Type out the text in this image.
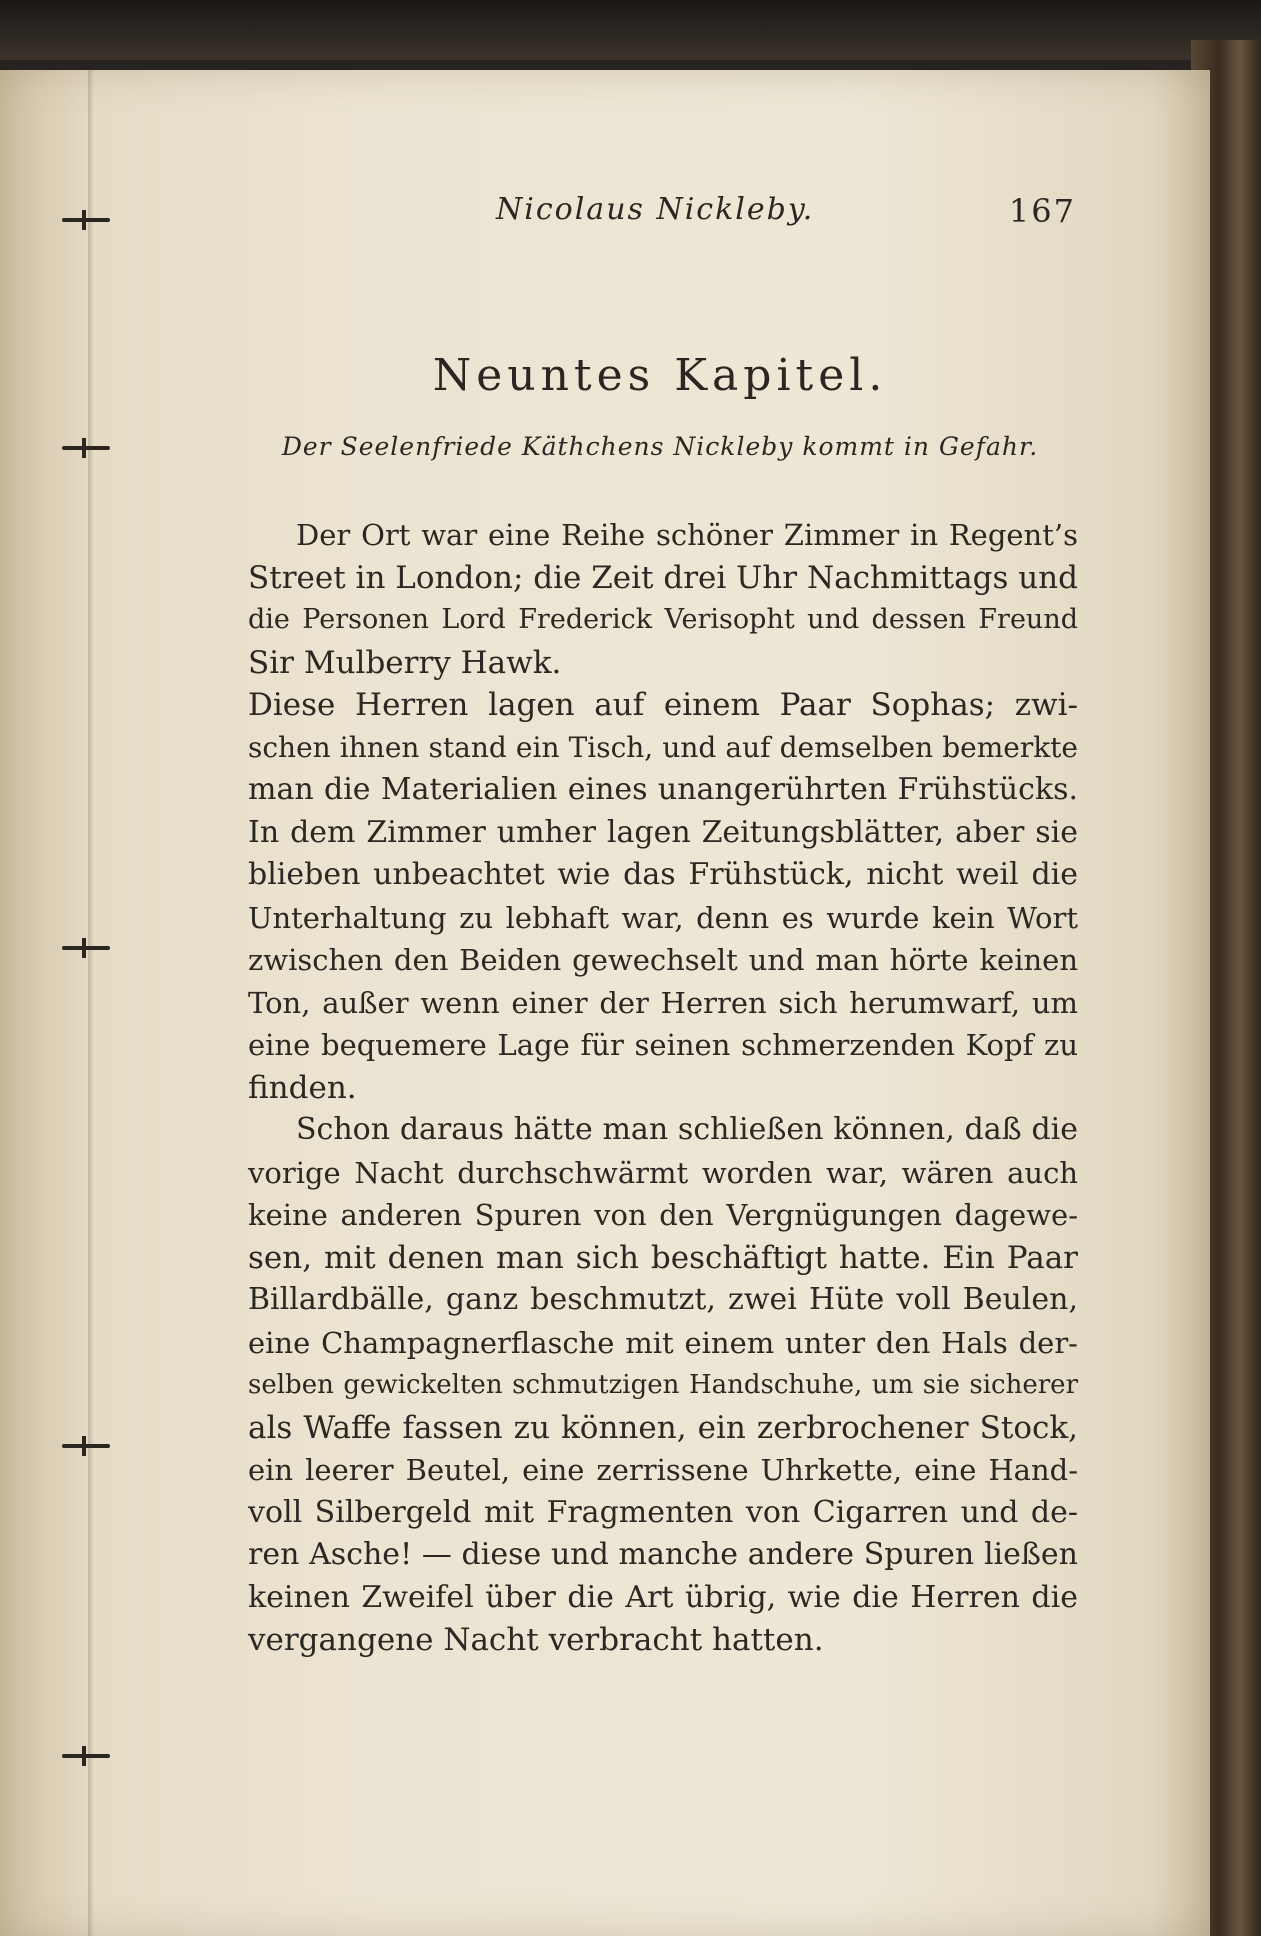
Nicolaus Nickleby.	167
Neuntes Kapitel.
Der Seelenfriede Käthchens Nickleby kommt in Gefahr.
Der Ort war eine Reihe schöner Zimmer in Regent’s
Street in London; die Zeit drei Uhr Nachmittags und
die Personen Lord Frederick Verisopht und dessen Freund
Sir Mulberry Hawk.
Diese Herren lagen auf einem Paar Sophas; zwi-
schen ihnen stand ein Tisch, und auf demselben bemerkte
man die Materialien eines unangerührten Frühstücks.
In dem Zimmer umher lagen Zeitungsblätter, aber sie
blieben unbeachtet wie das Frühstück, nicht weil die
Unterhaltung zu lebhaft war, denn es wurde kein Wort
zwischen den Beiden gewechselt und man hörte keinen
Ton, außer wenn einer der Herren sich herumwarf, um
eine bequemere Lage für seinen schmerzenden Kopf zu
finden.
Schon daraus hätte man schließen können, daß die
vorige Nacht durchschwärmt worden war, wären auch
keine anderen Spuren von den Vergnügungen dagewe-
sen, mit denen man sich beschäftigt hatte. Ein Paar
Billardbälle, ganz beschmutzt, zwei Hüte voll Beulen,
eine Champagnerflasche mit einem unter den Hals der-
selben gewickelten schmutzigen Handschuhe, um sie sicherer
als Waffe fassen zu können, ein zerbrochener Stock,
ein leerer Beutel, eine zerrissene Uhrkette, eine Hand-
voll Silbergeld mit Fragmenten von Cigarren und de-
ren Asche! — diese und manche andere Spuren ließen
keinen Zweifel über die Art übrig, wie die Herren die
vergangene Nacht verbracht hatten.
